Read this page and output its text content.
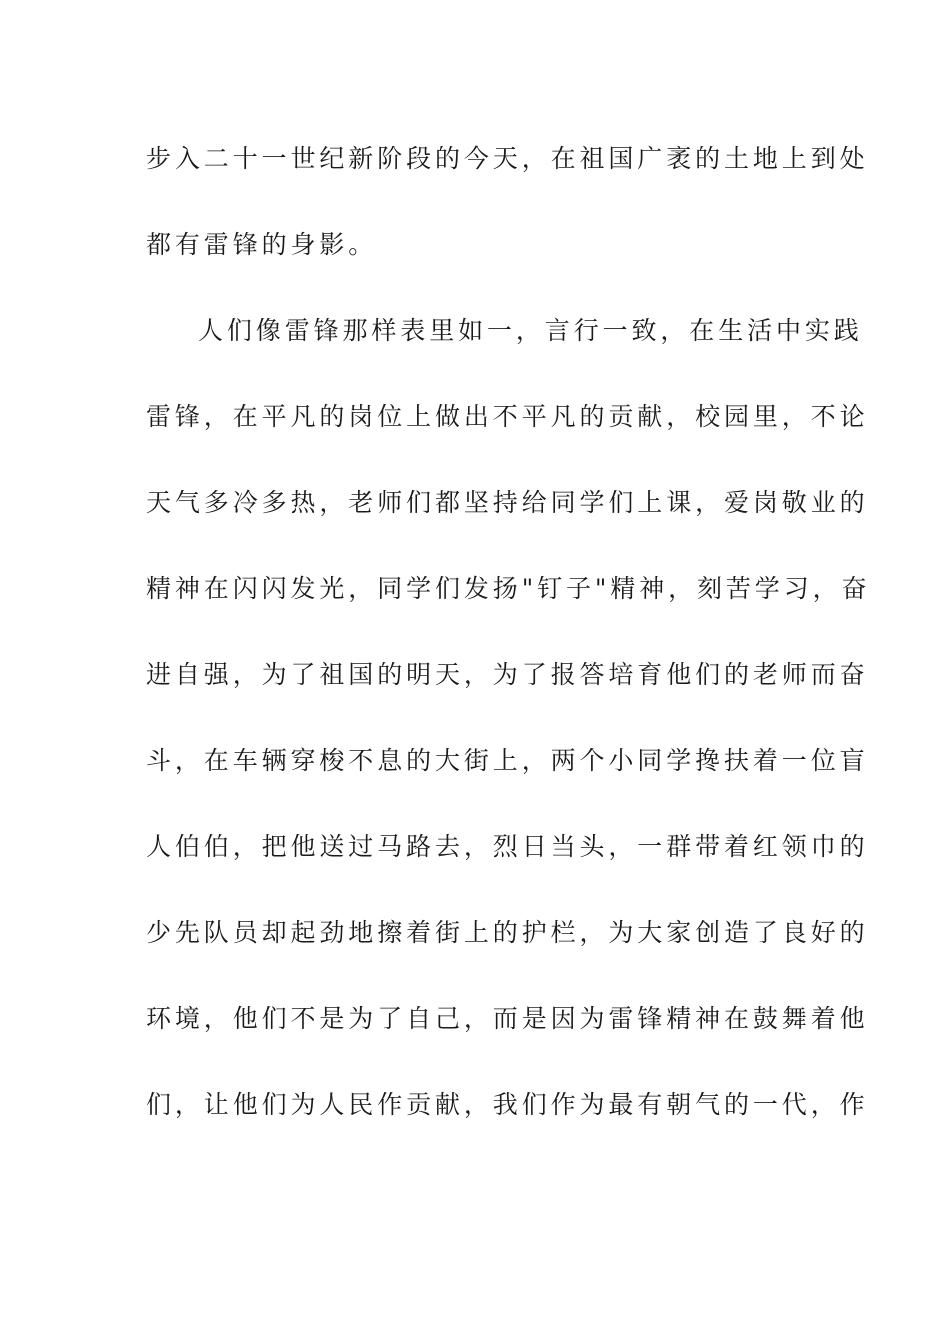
步入二十一世纪新阶段的今天，在祖国广袤的土地上到处
都有雷锋的身影。
人们像雷锋那样表里如一，言行一致，在生活中实践
雷锋，在平凡的岗位上做出不平凡的贡献，校园里，不论
天气多冷多热，老师们都坚持给同学们上课，爱岗敬业的
精神在闪闪发光，同学们发扬"钉子"精神，刻苦学习，奋
进自强，为了祖国的明天，为了报答培育他们的老师而奋
斗，在车辆穿梭不息的大街上，两个小同学搀扶着一位盲
人伯伯，把他送过马路去，烈日当头，一群带着红领巾的
少先队员却起劲地擦着街上的护栏，为大家创造了良好的
环境，他们不是为了自己，而是因为雷锋精神在鼓舞着他
们，让他们为人民作贡献，我们作为最有朝气的一代，作
